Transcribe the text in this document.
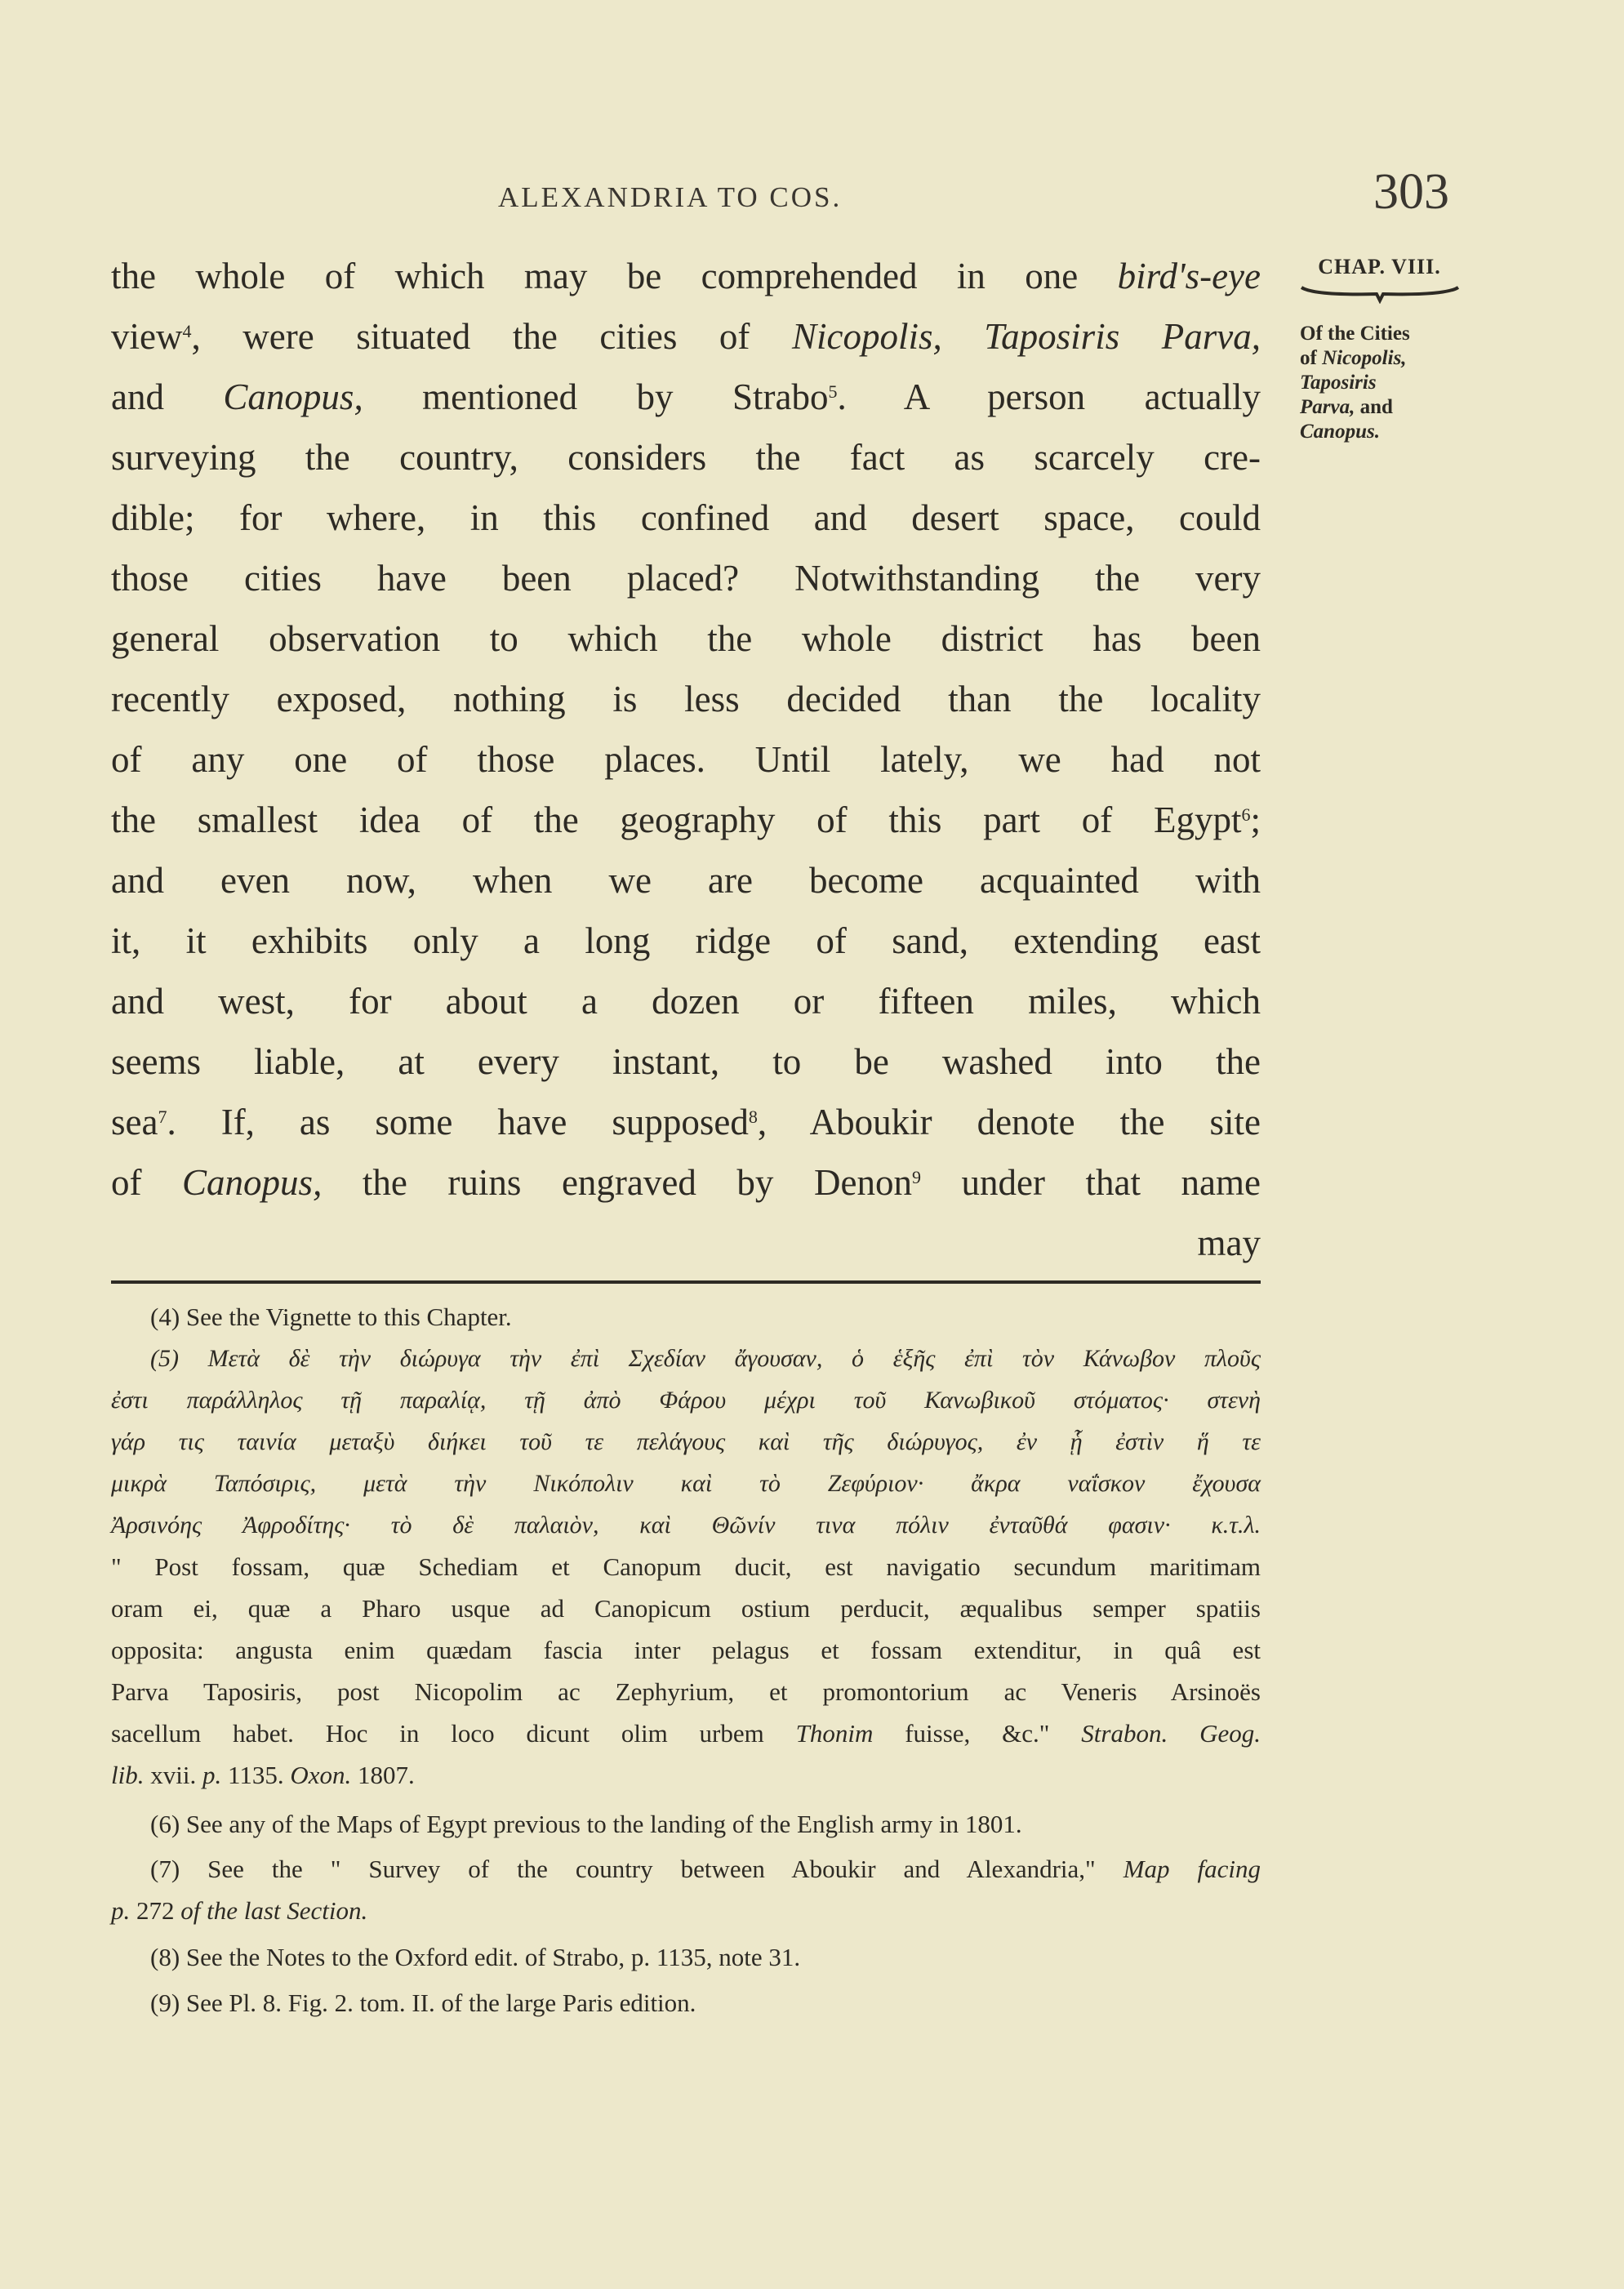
ALEXANDRIA TO COS.	303
the whole of which may be comprehended in one bird's-eye
view$^4$, were situated the cities of Nicopolis, Taposiris Parva,
and Canopus, mentioned by Strabo$^5$. A person actually
surveying the country, considers the fact as scarcely cre-
dible; for where, in this confined and desert space, could
those cities have been placed? Notwithstanding the very
general observation to which the whole district has been
recently exposed, nothing is less decided than the locality
of any one of those places. Until lately, we had not
the smallest idea of the geography of this part of Egypt$^6$;
and even now, when we are become acquainted with
it, it exhibits only a long ridge of sand, extending east
and west, for about a dozen or fifteen miles, which
seems liable, at every instant, to be washed into the
sea$^7$. If, as some have supposed$^8$, Aboukir denote the site
of Canopus, the ruins engraved by Denon$^9$ under that name
may
CHAP. VIII.
Of the Cities
of Nicopolis,
Taposiris
Parva, and
Canopus.
(4) See the Vignette to this Chapter.
(5) Μετὰ δὲ τὴν διώρυγα τὴν ἐπὶ Σχεδίαν ἄγουσαν, ὁ ἑξῆς ἐπὶ τὸν Κάνωβον πλοῦς
ἐστι παράλληλος τῇ παραλίᾳ, τῇ ἀπὸ Φάρου μέχρι τοῦ Κανωβικοῦ στόματος· στενὴ
γάρ τις ταινία μεταξὺ διήκει τοῦ τε πελάγους καὶ τῆς διώρυγος, ἐν ᾗ ἐστὶν ἥ τε
μικρὰ Ταπόσιρις, μετὰ τὴν Νικόπολιν καὶ τὸ Ζεφύριον· ἄκρα ναΐσκον ἔχουσα
Ἀρσινόης Ἀφροδίτης· τὸ δὲ παλαιὸν, καὶ Θῶνίν τινα πόλιν ἐνταῦθά φασιν· κ.τ.λ.
" Post fossam, quæ Schediam et Canopum ducit, est navigatio secundum maritimam
oram ei, quæ a Pharo usque ad Canopicum ostium perducit, æqualibus semper spatiis
opposita: angusta enim quædam fascia inter pelagus et fossam extenditur, in quâ est
Parva Taposiris, post Nicopolim ac Zephyrium, et promontorium ac Veneris Arsinoës
sacellum habet. Hoc in loco dicunt olim urbem Thonim fuisse, &c." Strabon. Geog.
lib. xvii. p. 1135. Oxon. 1807.
(6) See any of the Maps of Egypt previous to the landing of the English army in 1801.
(7) See the " Survey of the country between Aboukir and Alexandria," Map facing
p. 272 of the last Section.
(8) See the Notes to the Oxford edit. of Strabo, p. 1135, note 31.
(9) See Pl. 8. Fig. 2. tom. II. of the large Paris edition.
